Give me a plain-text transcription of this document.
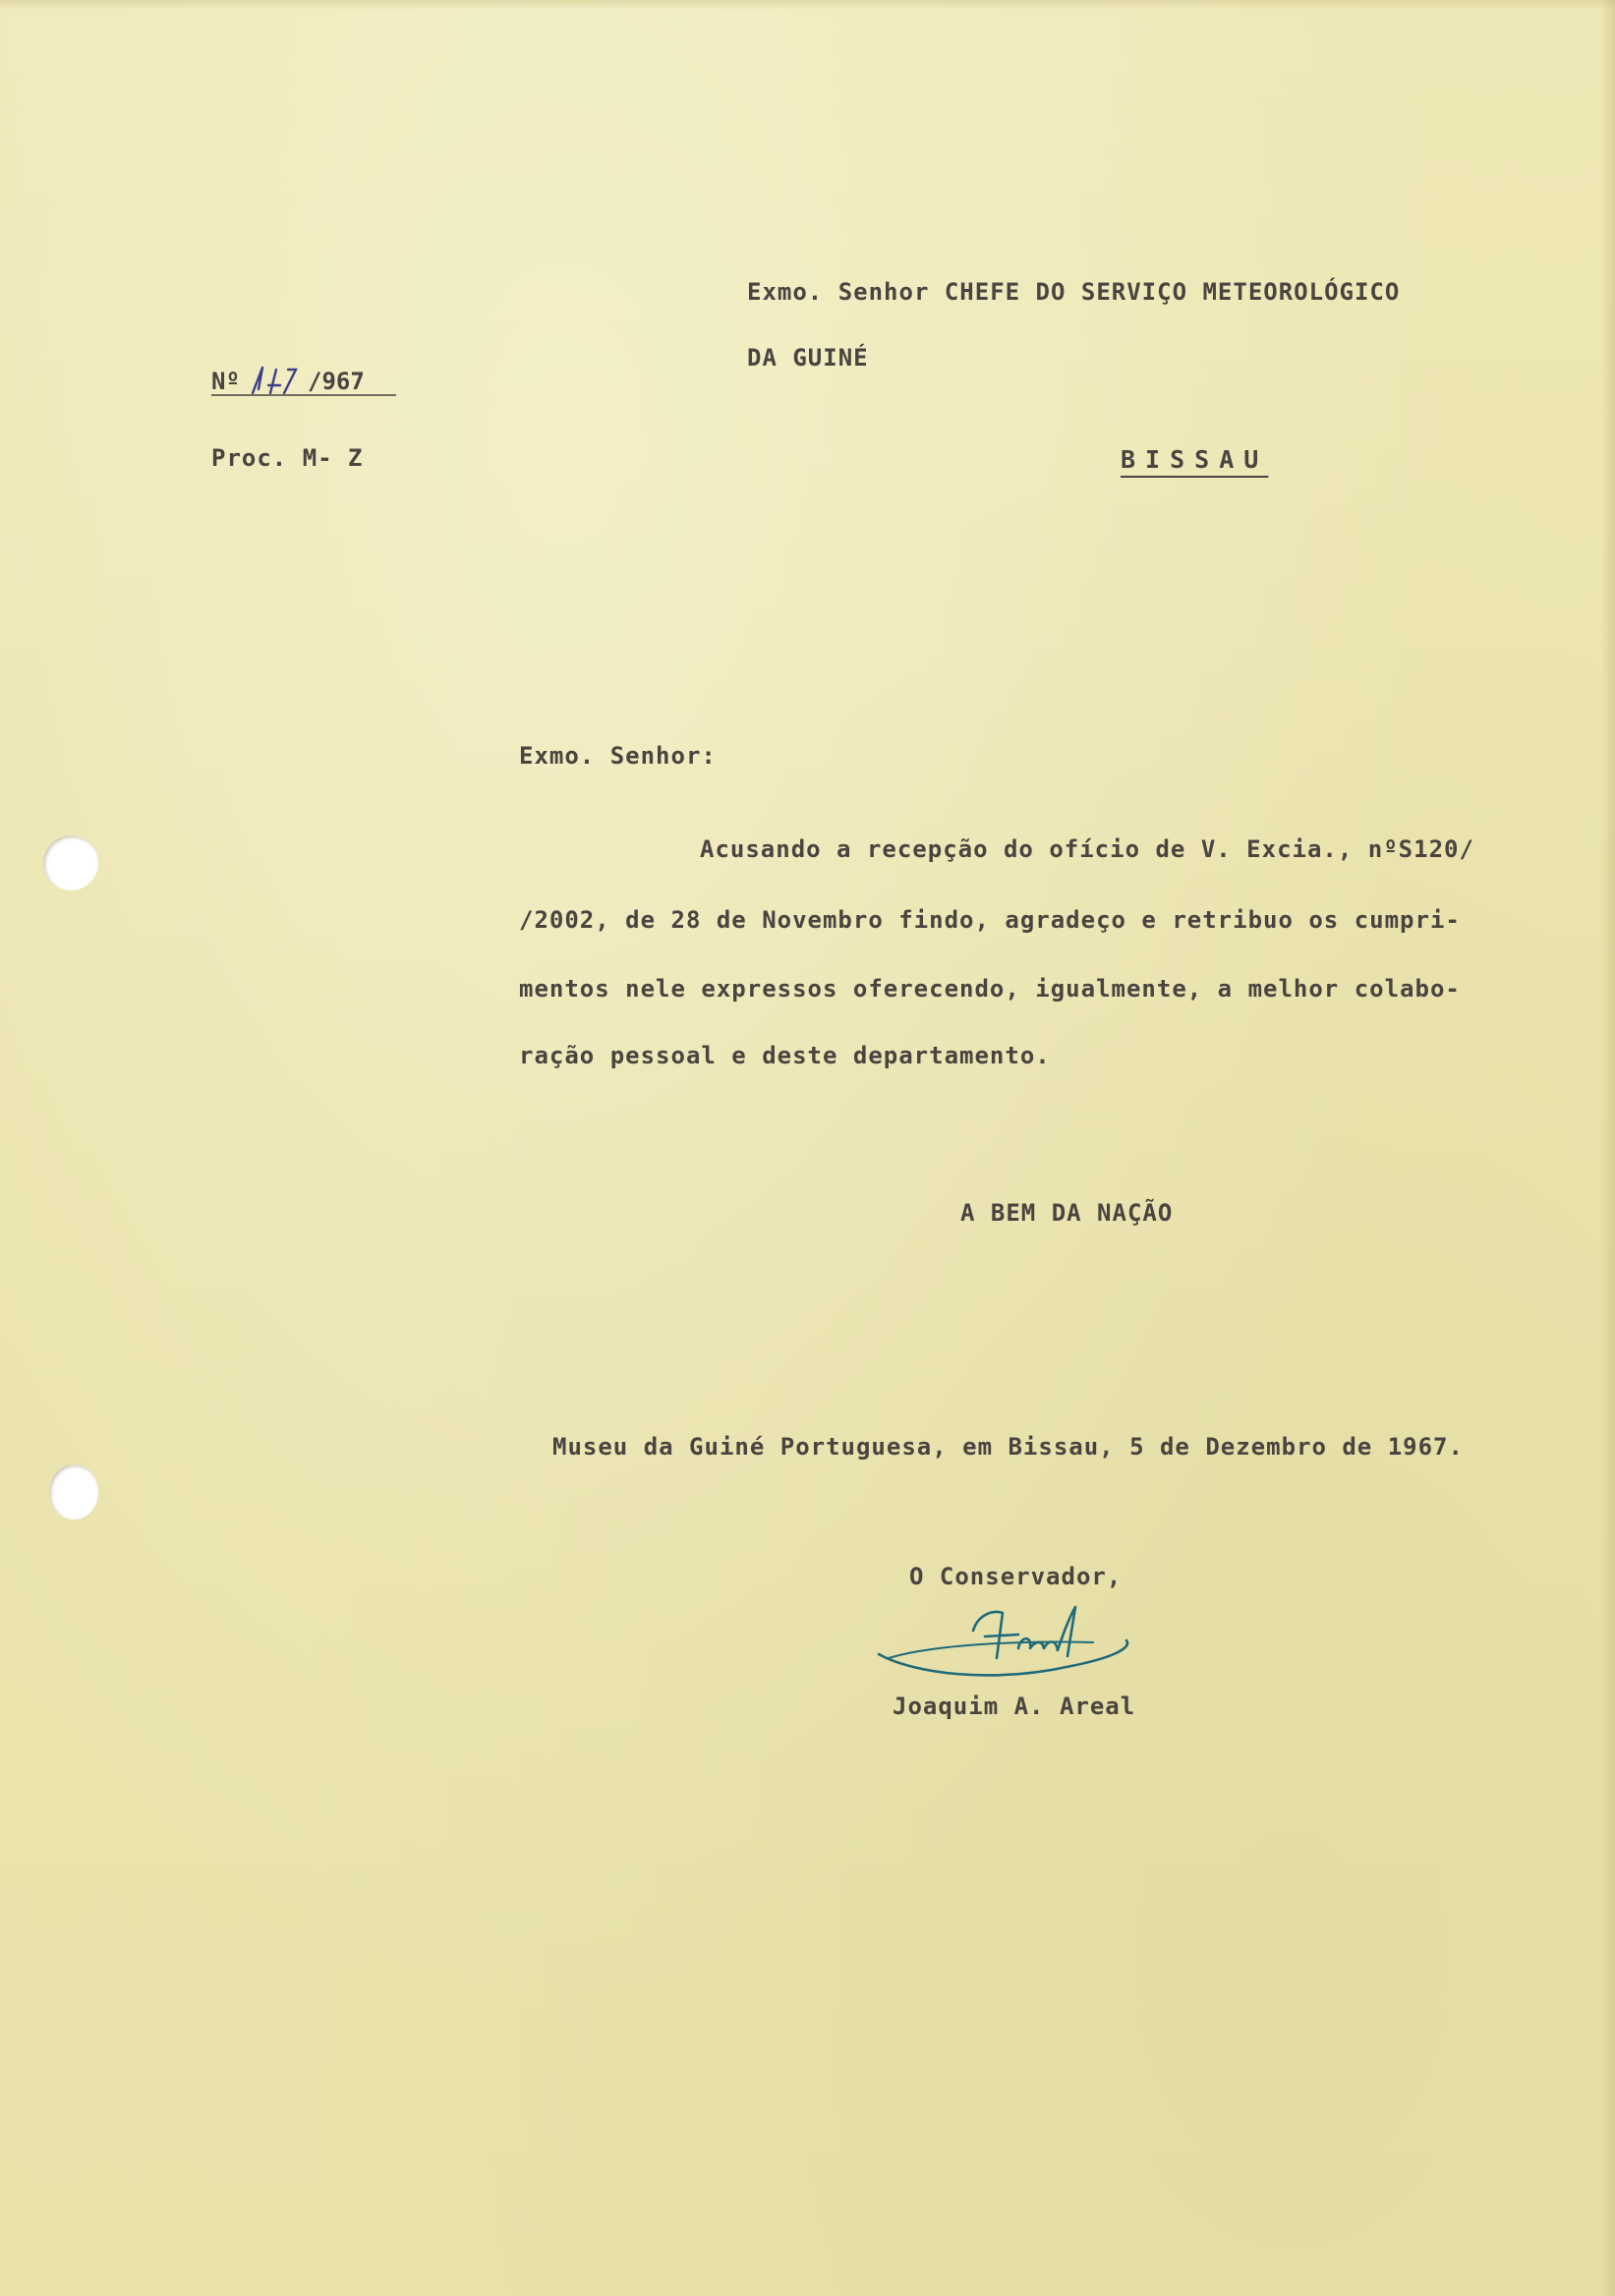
Exmo. Senhor CHEFE DO SERVIÇO METEOROLÓGICO
DA GUINÉ
BISSAU
Nº	/967
Proc. M- Z
Exmo. Senhor:
Acusando a recepção do ofício de V. Excia., nºS120/
/2002, de 28 de Novembro findo, agradeço e retribuo os cumpri-
mentos nele expressos oferecendo, igualmente, a melhor colabo-
ração pessoal e deste departamento.
A BEM DA NAÇÃO
Museu da Guiné Portuguesa, em Bissau, 5 de Dezembro de 1967.
O Conservador,
Joaquim A. Areal
